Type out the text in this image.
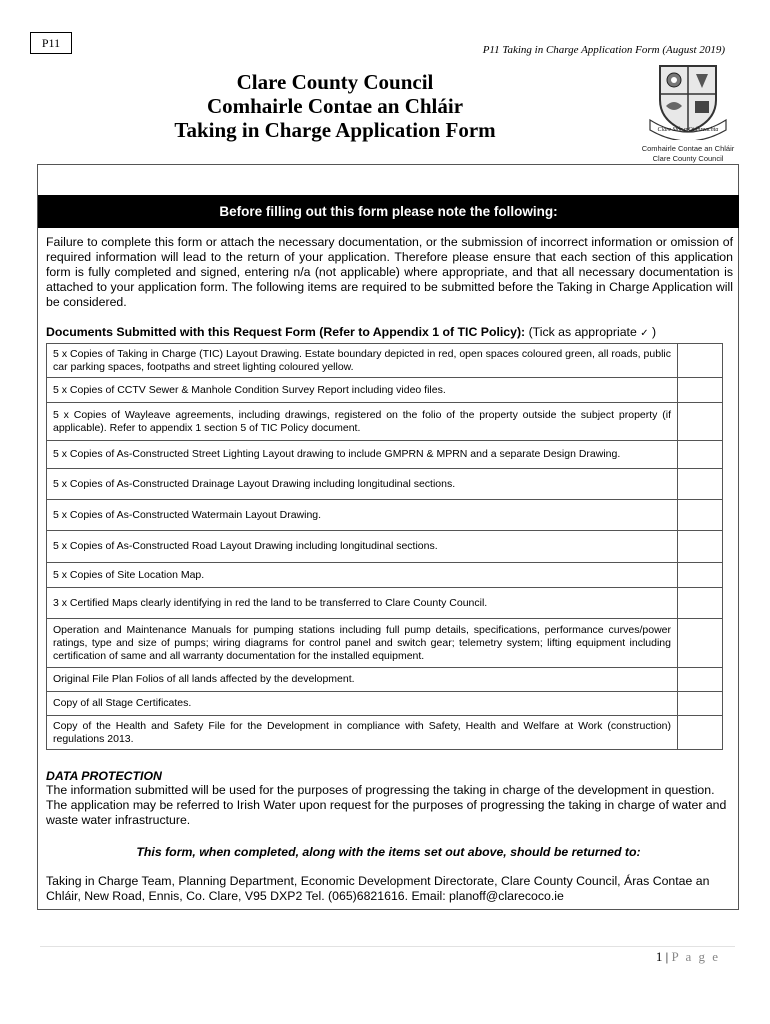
P11	P11 Taking in Charge Application Form (August 2019)
Clare County Council
Comhairle Contae an Chláir
Taking in Charge Application Form	Clare Stór mOidhreachta
Comhairle Contae an Chláir
Clare County Council
Before filling out this form please note the following:
Failure to complete this form or attach the necessary documentation, or the submission of incorrect information or omission of required information will lead to the return of your application. Therefore please ensure that each section of this application form is fully completed and signed, entering n/a (not applicable) where appropriate, and that all necessary documentation is attached to your application form. The following items are required to be submitted before the Taking in Charge Application will be considered.
Documents Submitted with this Request Form (Refer to Appendix 1 of TIC Policy): (Tick as appropriate ✓ )
5 x Copies of Taking in Charge (TIC) Layout Drawing. Estate boundary depicted in red, open spaces coloured green, all roads, public car parking spaces, footpaths and street lighting coloured yellow.	
5 x Copies of CCTV Sewer & Manhole Condition Survey Report including video files.	
5 x Copies of Wayleave agreements, including drawings, registered on the folio of the property outside the subject property (if applicable). Refer to appendix 1 section 5 of TIC Policy document.	
5 x Copies of As-Constructed Street Lighting Layout drawing to include GMPRN & MPRN and a separate Design Drawing.	
5 x Copies of As-Constructed Drainage Layout Drawing including longitudinal sections.	
5 x Copies of As-Constructed Watermain Layout Drawing.	
5 x Copies of As-Constructed Road Layout Drawing including longitudinal sections.	
5 x Copies of Site Location Map.	
3 x Certified Maps clearly identifying in red the land to be transferred to Clare County Council.	
Operation and Maintenance Manuals for pumping stations including full pump details, specifications, performance curves/power ratings, type and size of pumps; wiring diagrams for control panel and switch gear; telemetry system; lifting equipment including certification of same and all warranty documentation for the installed equipment.	
Original File Plan Folios of all lands affected by the development.	
Copy of all Stage Certificates.	
Copy of the Health and Safety File for the Development in compliance with Safety, Health and Welfare at Work (construction) regulations 2013.	
DATA PROTECTION
The information submitted will be used for the purposes of progressing the taking in charge of the development in question. The application may be referred to Irish Water upon request for the purposes of progressing the taking in charge of water and waste water infrastructure.
This form, when completed, along with the items set out above, should be returned to:
Taking in Charge Team, Planning Department, Economic Development Directorate, Clare County Council, Áras Contae an Chláir, New Road, Ennis, Co. Clare, V95 DXP2 Tel. (065)6821616. Email: planoff@clarecoco.ie
1 | P a g e
